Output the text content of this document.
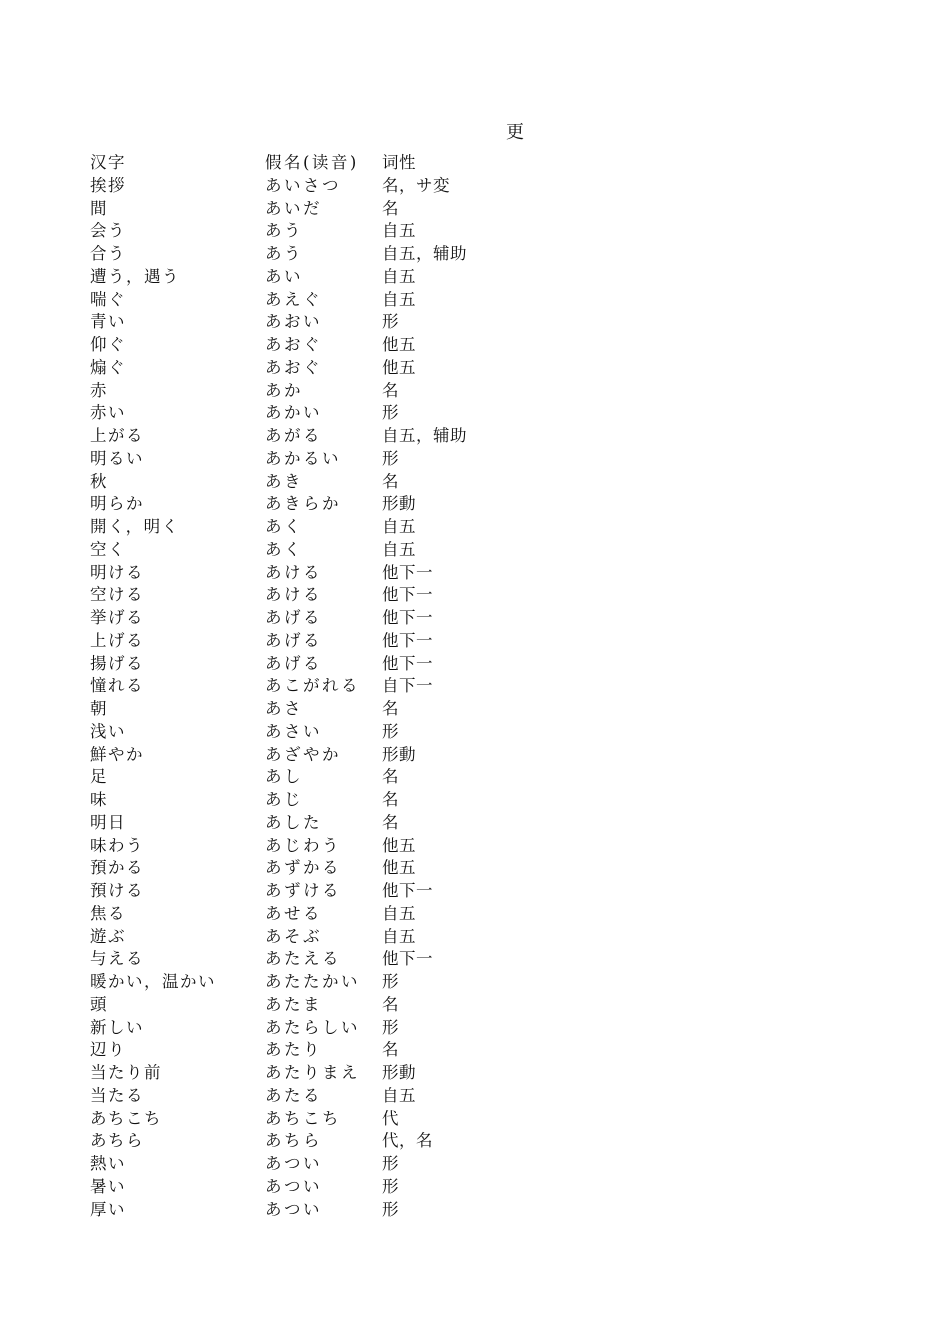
更
汉字	假名(读音)	词性
挨拶	あいさつ	名，サ変
間	あいだ	名
会う	あう	自五
合う	あう	自五，辅助
遭う，遇う	あい	自五
喘ぐ	あえぐ	自五
青い	あおい	形
仰ぐ	あおぐ	他五
煽ぐ	あおぐ	他五
赤	あか	名
赤い	あかい	形
上がる	あがる	自五，辅助
明るい	あかるい	形
秋	あき	名
明らか	あきらか	形動
開く，明く	あく	自五
空く	あく	自五
明ける	あける	他下一
空ける	あける	他下一
挙げる	あげる	他下一
上げる	あげる	他下一
揚げる	あげる	他下一
憧れる	あこがれる	自下一
朝	あさ	名
浅い	あさい	形
鮮やか	あざやか	形動
足	あし	名
味	あじ	名
明日	あした	名
味わう	あじわう	他五
預かる	あずかる	他五
預ける	あずける	他下一
焦る	あせる	自五
遊ぶ	あそぶ	自五
与える	あたえる	他下一
暖かい，温かい	あたたかい	形
頭	あたま	名
新しい	あたらしい	形
辺り	あたり	名
当たり前	あたりまえ	形動
当たる	あたる	自五
あちこち	あちこち	代
あちら	あちら	代，名
熱い	あつい	形
暑い	あつい	形
厚い	あつい	形
